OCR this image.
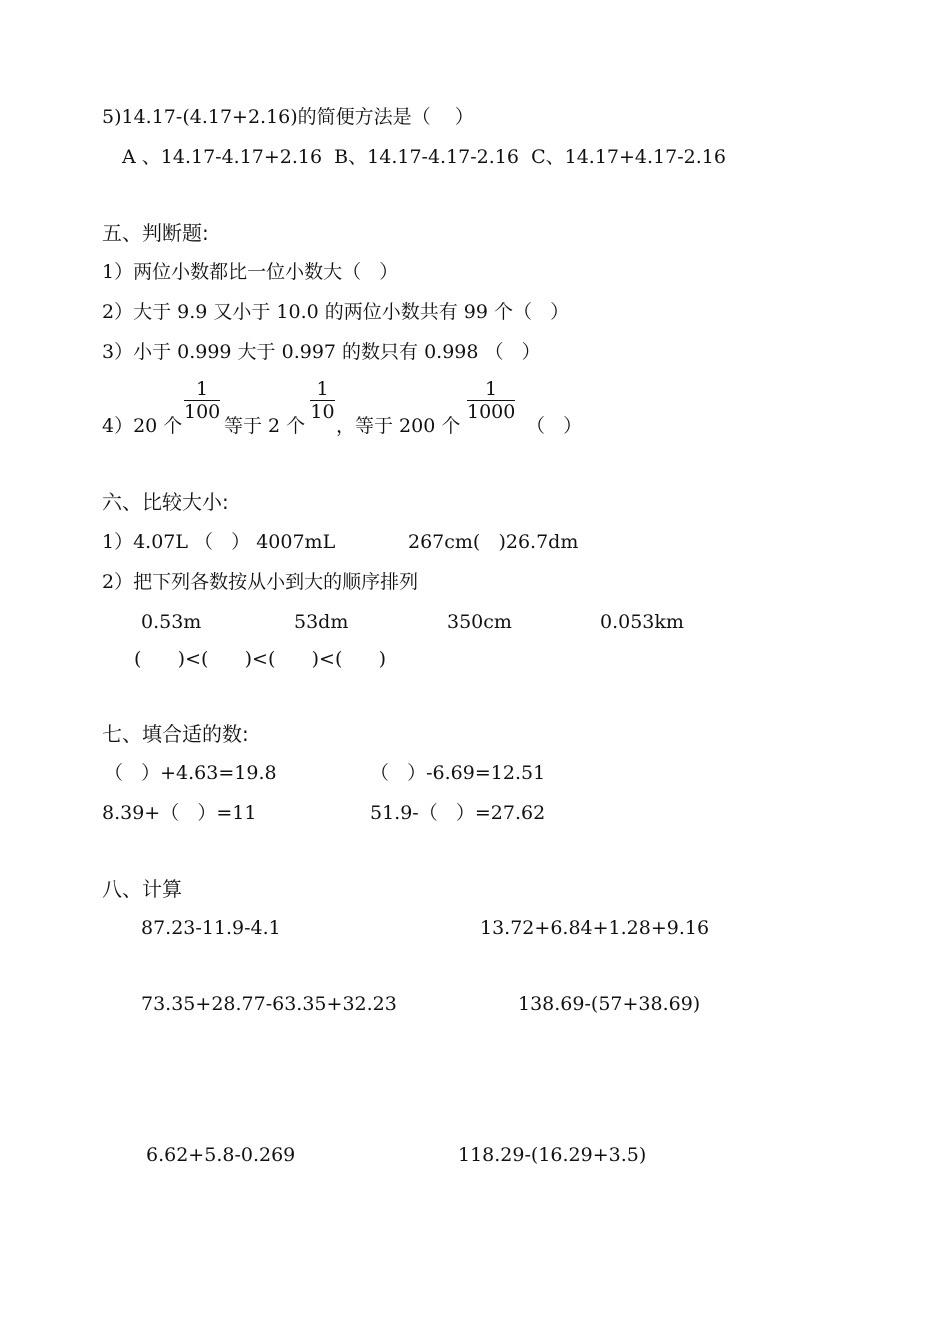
5)14.17-(4.17+2.16)的简便方法是（    ）
A 、14.17-4.17+2.16  B、14.17-4.17-2.16  C、14.17+4.17-2.16
五、判断题:
1）两位小数都比一位小数大（   ）
2）大于 9.9 又小于 10.0 的两位小数共有 99 个（   ）
3）小于 0.999 大于 0.997 的数只有 0.998 （   ）
4）20 个
$\frac{1}{100}$
等于 2 个
$\frac{1}{10}$
，等于 200 个
$\frac{1}{1000}$
（   ）
六、比较大小:
1）4.07L （   ） 4007mL	267cm(   )26.7dm
2）把下列各数按从小到大的顺序排列
0.53m	53dm	350cm	0.053km
(      )<(      )<(      )<(      )
七、填合适的数:
（   ）+4.63=19.8	（   ）-6.69=12.51
8.39+（   ）=11	51.9-（   ）=27.62
八、计算
87.23-11.9-4.1	13.72+6.84+1.28+9.16
73.35+28.77-63.35+32.23	138.69-(57+38.69)
6.62+5.8-0.269	118.29-(16.29+3.5)
